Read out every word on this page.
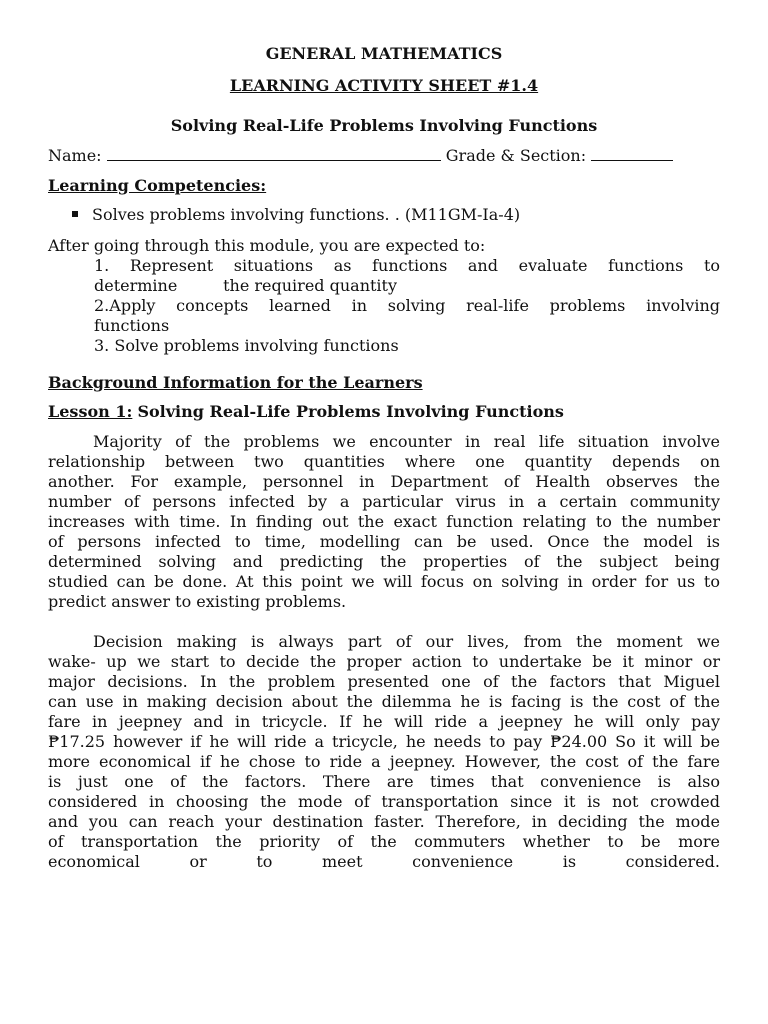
GENERAL MATHEMATICS
LEARNING ACTIVITY SHEET #1.4
Solving Real-Life Problems Involving Functions
Name:	Grade & Section:
Learning Competencies:
Solves problems involving functions. . (M11GM-Ia-4)
After going through this module, you are expected to:
1. Represent situations as functions and evaluate functions to
determine         the required quantity
2.Apply concepts learned in solving real-life problems involving
functions
3. Solve problems involving functions
Background Information for the Learners
Lesson 1: Solving Real-Life Problems Involving Functions
Majority of the problems we encounter in real life situation involve
relationship between two quantities where one quantity depends on
another. For example, personnel in Department of Health observes the
number of persons infected by a particular virus in a certain community
increases with time. In finding out the exact function relating to the number
of persons infected to time, modelling can be used. Once the model is
determined solving and predicting the properties of the subject being
studied can be done. At this point we will focus on solving in order for us to
predict answer to existing problems.
Decision making is always part of our lives, from the moment we
wake- up we start to decide the proper action to undertake be it minor or
major decisions. In the problem presented one of the factors that Miguel
can use in making decision about the dilemma he is facing is the cost of the
fare in jeepney and in tricycle. If he will ride a jeepney he will only pay
₱17.25 however if he will ride a tricycle, he needs to pay ₱24.00 So it will be
more economical if he chose to ride a jeepney. However, the cost of the fare
is just one of the factors. There are times that convenience is also
considered in choosing the mode of transportation since it is not crowded
and you can reach your destination faster. Therefore, in deciding the mode
of transportation the priority of the commuters whether to be more
economical or to meet convenience is considered.
